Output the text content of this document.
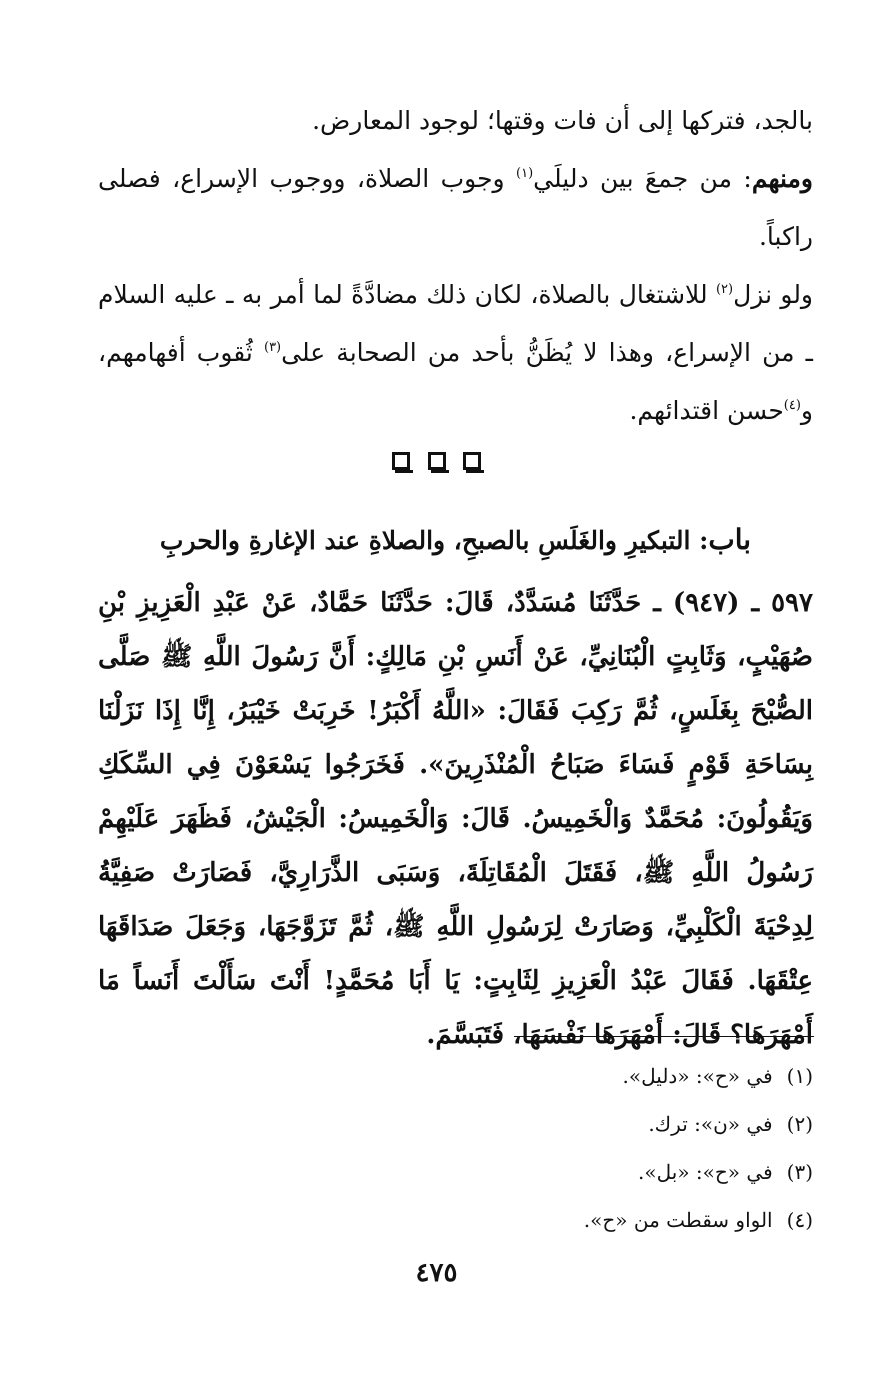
بالجد، فتركها إلى أن فات وقتها؛ لوجود المعارض.

ومنهم: من جمعَ بين دليلَي$^{(١)}$ وجوب الصلاة، ووجوب الإسراع، فصلى راكباً.

ولو نزل$^{(٢)}$ للاشتغال بالصلاة، لكان ذلك مضادَّةً لما أمر به ـ عليه السلام ـ من الإسراع، وهذا لا يُظَنُّ بأحد من الصحابة على$^{(٣)}$ ثُقوب أفهامهم، و$^{(٤)}$حسن اقتدائهم.

باب: التبكيرِ والغَلَسِ بالصبحِ، والصلاةِ عند الإغارةِ والحربِ

٥٩٧ ـ (٩٤٧) ـ حَدَّثَنَا مُسَدَّدٌ، قَالَ: حَدَّثَنَا حَمَّادٌ، عَنْ عَبْدِ الْعَزِيزِ بْنِ صُهَيْبٍ، وَثَابِتٍ الْبُنَانِيِّ، عَنْ أَنَسِ بْنِ مَالِكٍ: أَنَّ رَسُولَ اللَّهِ ﷺ صَلَّى الصُّبْحَ بِغَلَسٍ، ثُمَّ رَكِبَ فَقَالَ: «اللَّهُ أَكْبَرُ! خَرِبَتْ خَيْبَرُ، إِنَّا إِذَا نَزَلْنَا بِسَاحَةِ قَوْمٍ فَسَاءَ صَبَاحُ الْمُنْذَرِينَ». فَخَرَجُوا يَسْعَوْنَ فِي السِّكَكِ وَيَقُولُونَ: مُحَمَّدٌ وَالْخَمِيسُ. قَالَ: وَالْخَمِيسُ: الْجَيْشُ، فَظَهَرَ عَلَيْهِمْ رَسُولُ اللَّهِ ﷺ، فَقَتَلَ الْمُقَاتِلَةَ، وَسَبَى الذَّرَارِيَّ، فَصَارَتْ صَفِيَّةُ لِدِحْيَةَ الْكَلْبِيِّ، وَصَارَتْ لِرَسُولِ اللَّهِ ﷺ، ثُمَّ تَزَوَّجَهَا، وَجَعَلَ صَدَاقَهَا عِتْقَهَا. فَقَالَ عَبْدُ الْعَزِيزِ لِثَابِتٍ: يَا أَبَا مُحَمَّدٍ! أَنْتَ سَأَلْتَ أَنَساً مَا أَمْهَرَهَا؟ قَالَ: أَمْهَرَهَا نَفْسَهَا، فَتَبَسَّمَ.

(١)في «ح»: «دليل».
(٢)في «ن»: ترك.
(٣)في «ح»: «بل».
(٤)الواو سقطت من «ح».
٤٧٥
